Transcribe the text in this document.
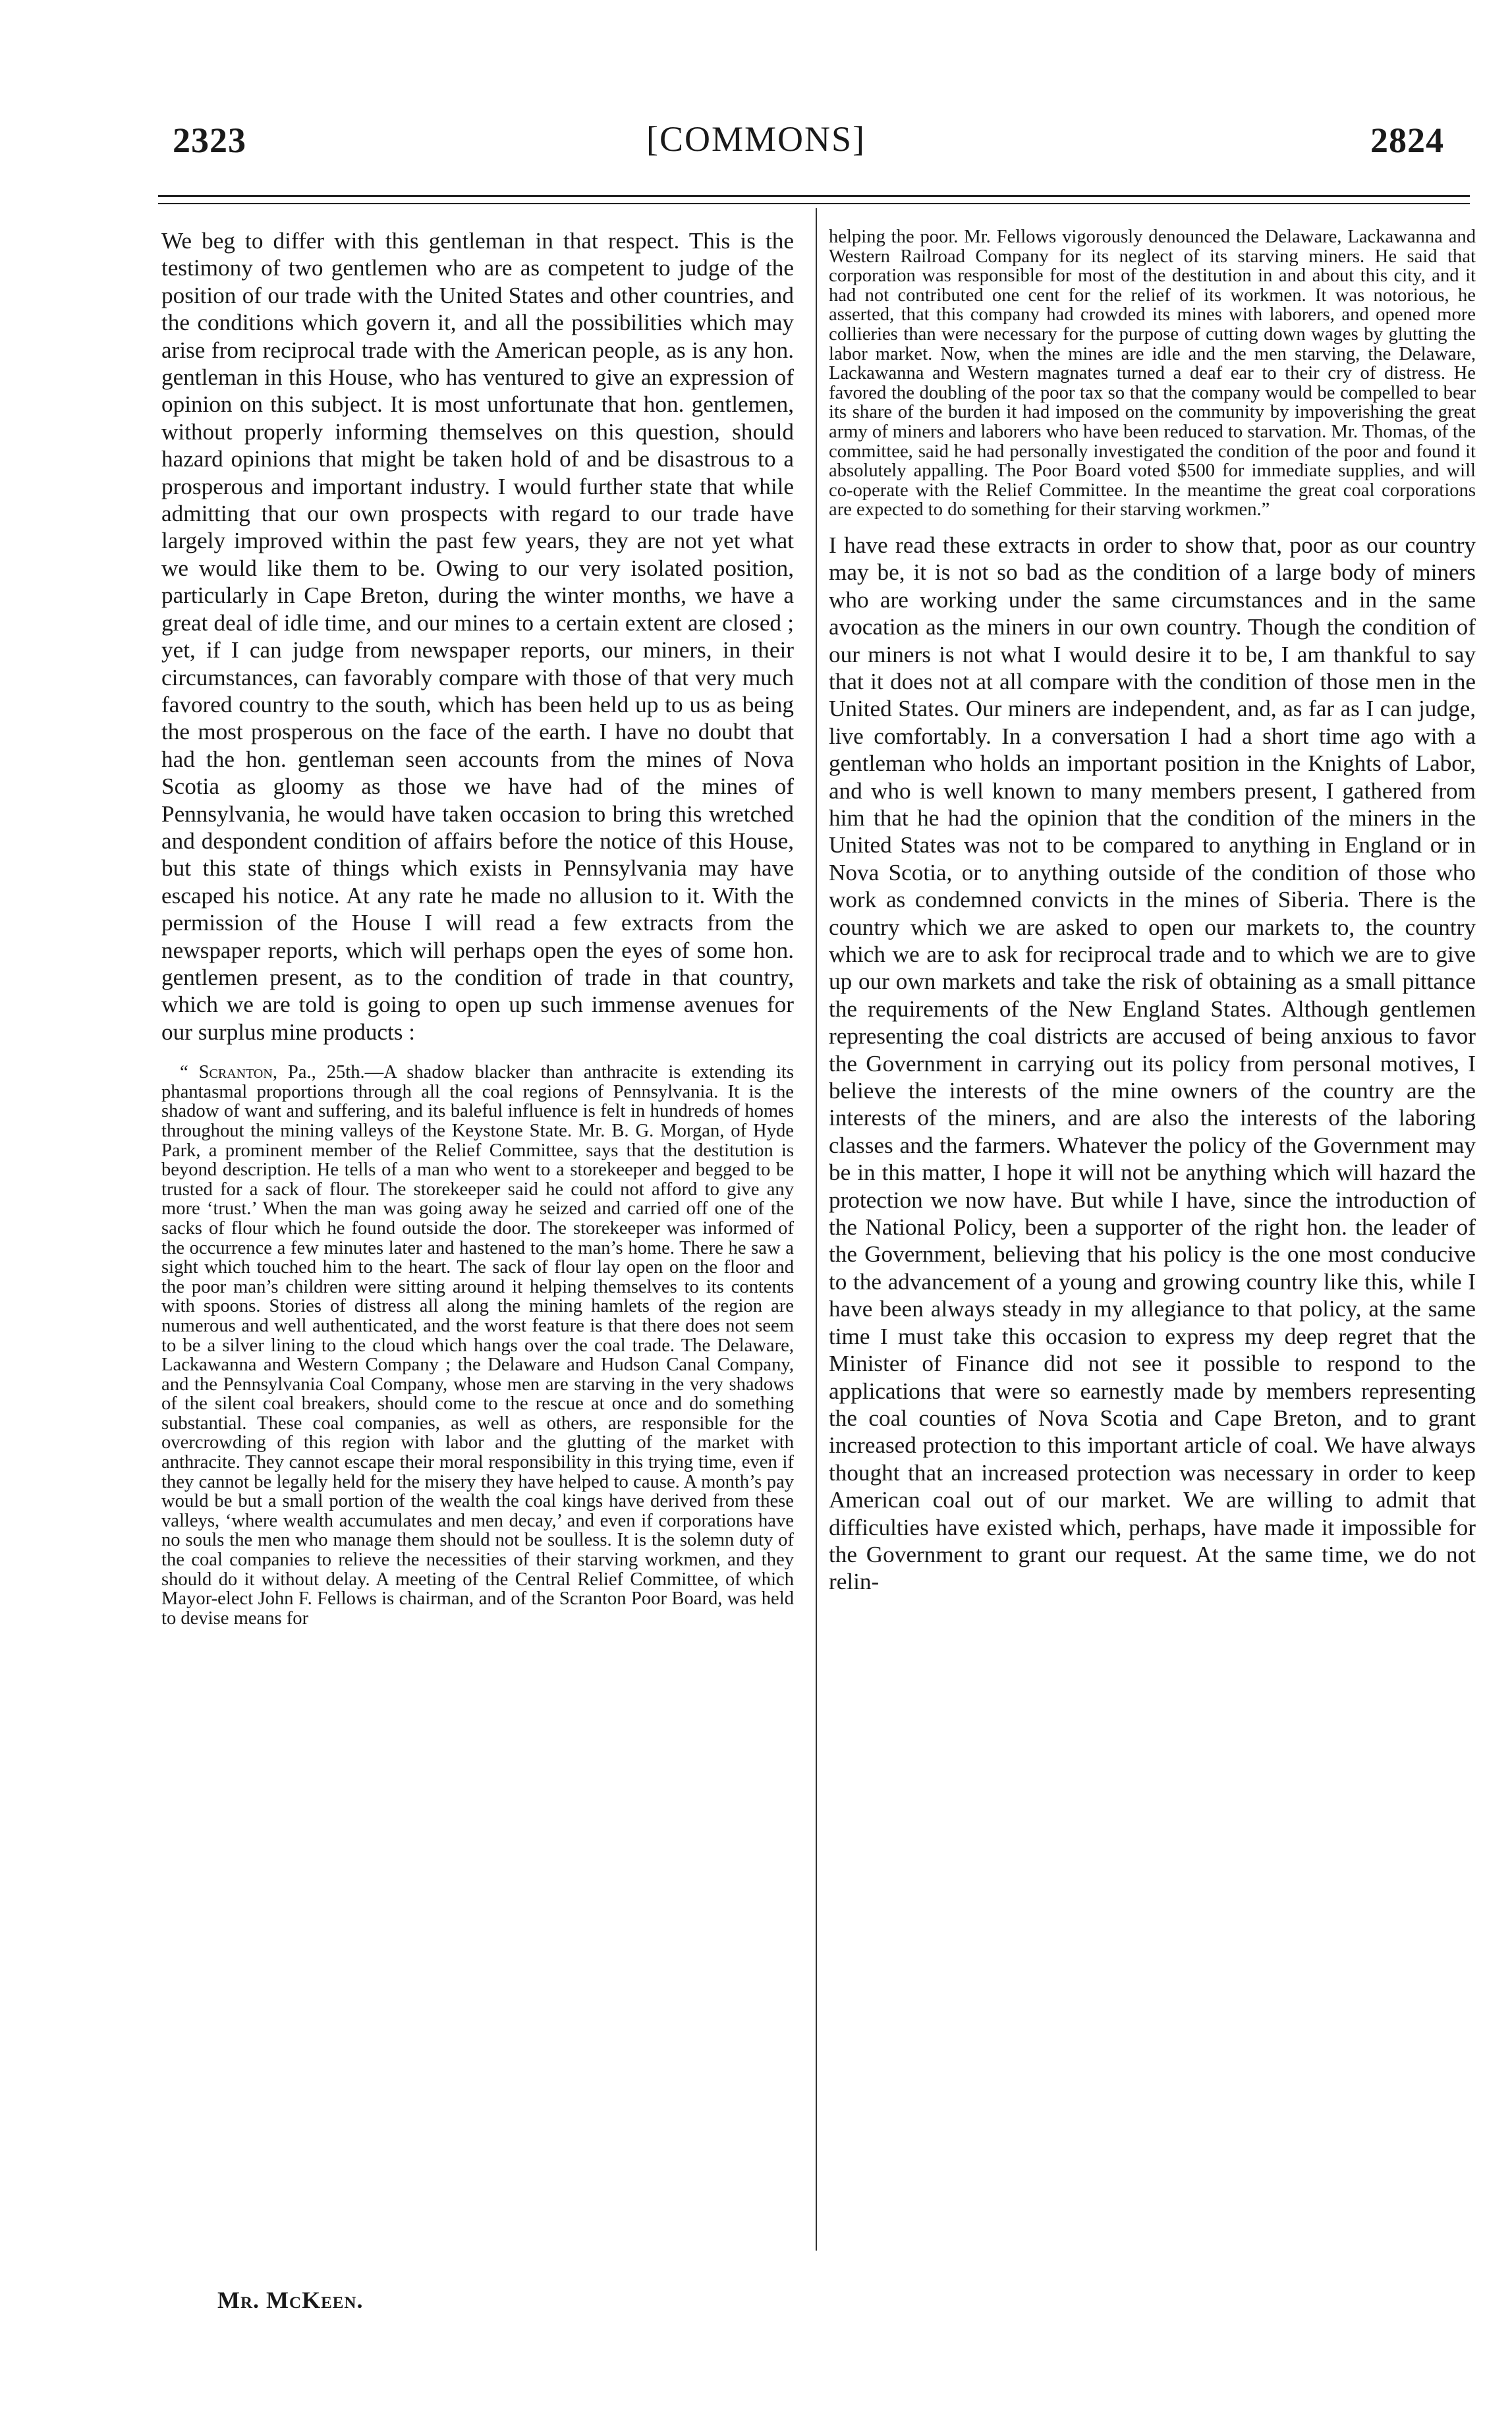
2323	[COMMONS]	2824

We beg to differ with this gentleman in that respect. This is the testimony of two gentlemen who are as competent to judge of the position of our trade with the United States and other countries, and the conditions which govern it, and all the possibilities which may arise from reciprocal trade with the American people, as is any hon. gentleman in this House, who has ventured to give an expression of opinion on this subject. It is most unfortunate that hon. gentlemen, without properly informing themselves on this question, should hazard opinions that might be taken hold of and be disastrous to a prosperous and important industry. I would further state that while admitting that our own prospects with regard to our trade have largely improved within the past few years, they are not yet what we would like them to be. Owing to our very isolated position, particularly in Cape Breton, during the winter months, we have a great deal of idle time, and our mines to a certain extent are closed ; yet, if I can judge from newspaper reports, our miners, in their circumstances, can favorably compare with those of that very much favored country to the south, which has been held up to us as being the most prosperous on the face of the earth. I have no doubt that had the hon. gentleman seen accounts from the mines of Nova Scotia as gloomy as those we have had of the mines of Pennsylvania, he would have taken occasion to bring this wretched and despondent condition of affairs before the notice of this House, but this state of things which exists in Pennsylvania may have escaped his notice. At any rate he made no allusion to it. With the permission of the House I will read a few extracts from the newspaper reports, which will perhaps open the eyes of some hon. gentlemen present, as to the condition of trade in that country, which we are told is going to open up such immense avenues for our surplus mine products :

“ Scranton, Pa., 25th.—A shadow blacker than anthracite is extending its phantasmal proportions through all the coal regions of Pennsylvania. It is the shadow of want and suffering, and its baleful influence is felt in hundreds of homes throughout the mining valleys of the Keystone State. Mr. B. G. Morgan, of Hyde Park, a prominent member of the Relief Committee, says that the destitution is beyond description. He tells of a man who went to a storekeeper and begged to be trusted for a sack of flour. The storekeeper said he could not afford to give any more ‘trust.’ When the man was going away he seized and carried off one of the sacks of flour which he found outside the door. The storekeeper was informed of the occurrence a few minutes later and hastened to the man’s home. There he saw a sight which touched him to the heart. The sack of flour lay open on the floor and the poor man’s children were sitting around it helping themselves to its contents with spoons. Stories of distress all along the mining hamlets of the region are numerous and well authenticated, and the worst feature is that there does not seem to be a silver lining to the cloud which hangs over the coal trade. The Delaware, Lackawanna and Western Company ; the Delaware and Hudson Canal Company, and the Pennsylvania Coal Company, whose men are starving in the very shadows of the silent coal breakers, should come to the rescue at once and do something substantial. These coal companies, as well as others, are responsible for the overcrowding of this region with labor and the glutting of the market with anthracite. They cannot escape their moral responsibility in this trying time, even if they cannot be legally held for the misery they have helped to cause. A month’s pay would be but a small portion of the wealth the coal kings have derived from these valleys, ‘where wealth accumulates and men decay,’ and even if corporations have no souls the men who manage them should not be soulless. It is the solemn duty of the coal companies to relieve the necessities of their starving workmen, and they should do it without delay. A meeting of the Central Relief Committee, of which Mayor-elect John F. Fellows is chairman, and of the Scranton Poor Board, was held to devise means for

helping the poor. Mr. Fellows vigorously denounced the Delaware, Lackawanna and Western Railroad Company for its neglect of its starving miners. He said that corporation was responsible for most of the destitution in and about this city, and it had not contributed one cent for the relief of its workmen. It was notorious, he asserted, that this company had crowded its mines with laborers, and opened more collieries than were necessary for the purpose of cutting down wages by glutting the labor market. Now, when the mines are idle and the men starving, the Delaware, Lackawanna and Western magnates turned a deaf ear to their cry of distress. He favored the doubling of the poor tax so that the company would be compelled to bear its share of the burden it had imposed on the community by impoverishing the great army of miners and laborers who have been reduced to starvation. Mr. Thomas, of the committee, said he had personally investigated the condition of the poor and found it absolutely appalling. The Poor Board voted $500 for immediate supplies, and will co-operate with the Relief Committee. In the meantime the great coal corporations are expected to do something for their starving workmen.”

I have read these extracts in order to show that, poor as our country may be, it is not so bad as the condition of a large body of miners who are working under the same circumstances and in the same avocation as the miners in our own country. Though the condition of our miners is not what I would desire it to be, I am thankful to say that it does not at all compare with the condition of those men in the United States. Our miners are independent, and, as far as I can judge, live comfortably. In a conversation I had a short time ago with a gentleman who holds an important position in the Knights of Labor, and who is well known to many members present, I gathered from him that he had the opinion that the condition of the miners in the United States was not to be compared to anything in England or in Nova Scotia, or to anything outside of the condition of those who work as condemned convicts in the mines of Siberia. There is the country which we are asked to open our markets to, the country which we are to ask for reciprocal trade and to which we are to give up our own markets and take the risk of obtaining as a small pittance the requirements of the New England States. Although gentlemen representing the coal districts are accused of being anxious to favor the Government in carrying out its policy from personal motives, I believe the interests of the mine owners of the country are the interests of the miners, and are also the interests of the laboring classes and the farmers. Whatever the policy of the Government may be in this matter, I hope it will not be anything which will hazard the protection we now have. But while I have, since the introduction of the National Policy, been a supporter of the right hon. the leader of the Government, believing that his policy is the one most conducive to the advancement of a young and growing country like this, while I have been always steady in my allegiance to that policy, at the same time I must take this occasion to express my deep regret that the Minister of Finance did not see it possible to respond to the applications that were so earnestly made by members representing the coal counties of Nova Scotia and Cape Breton, and to grant increased protection to this important article of coal. We have always thought that an increased protection was necessary in order to keep American coal out of our market. We are willing to admit that difficulties have existed which, perhaps, have made it impossible for the Government to grant our request. At the same time, we do not relin-

Mr. McKeen.
